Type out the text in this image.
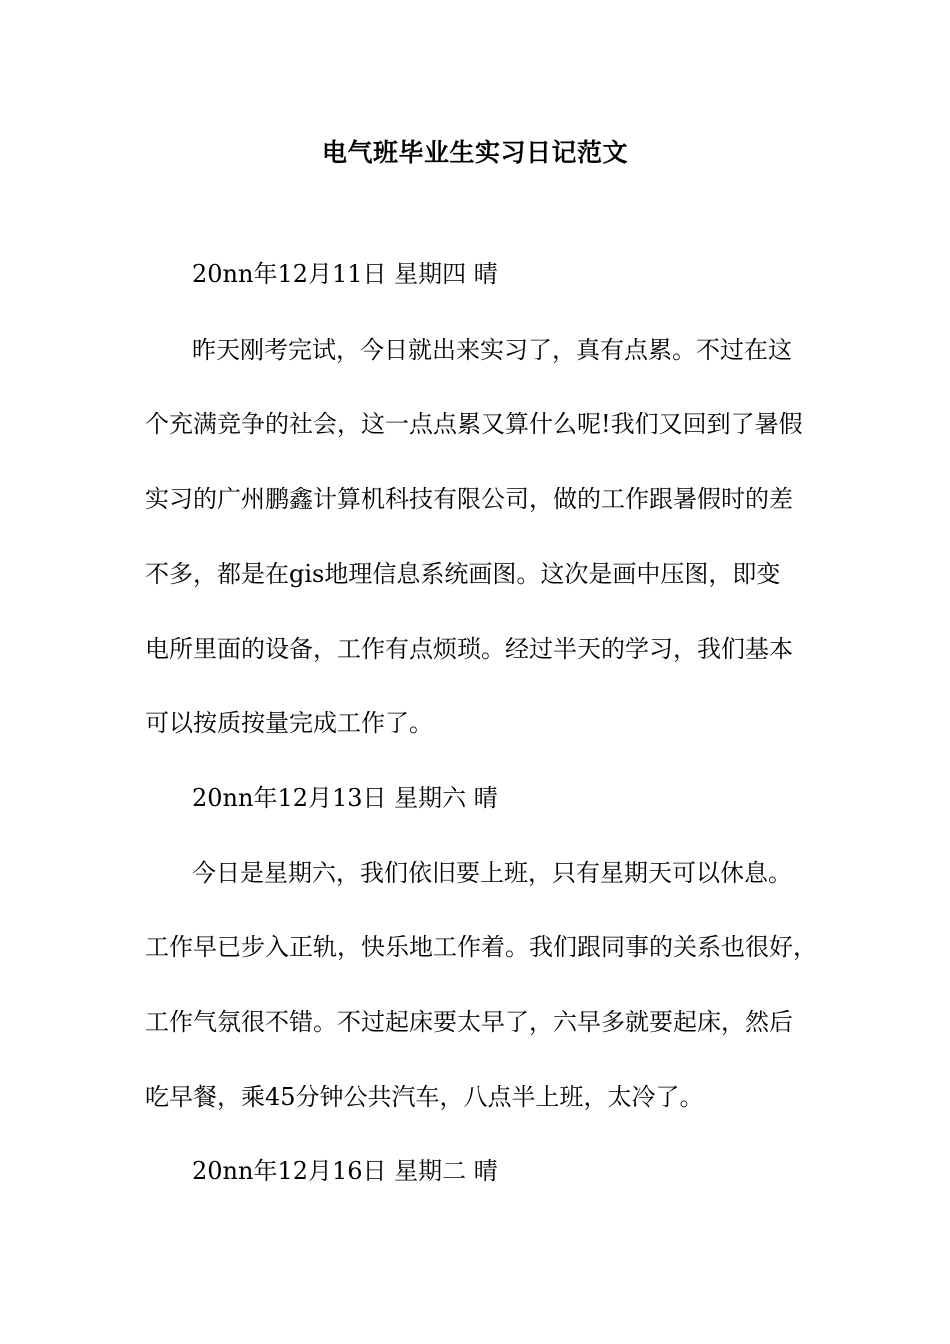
电气班毕业生实习日记范文

20nn年12月11日 星期四 晴

昨天刚考完试，今日就出来实习了，真有点累。不过在这

个充满竞争的社会，这一点点累又算什么呢!我们又回到了暑假

实习的广州鹏鑫计算机科技有限公司，做的工作跟暑假时的差

不多，都是在gis地理信息系统画图。这次是画中压图，即变

电所里面的设备，工作有点烦琐。经过半天的学习，我们基本

可以按质按量完成工作了。

20nn年12月13日 星期六 晴

今日是星期六，我们依旧要上班，只有星期天可以休息。

工作早已步入正轨，快乐地工作着。我们跟同事的关系也很好，

工作气氛很不错。不过起床要太早了，六早多就要起床，然后

吃早餐，乘45分钟公共汽车，八点半上班，太冷了。

20nn年12月16日 星期二 晴
